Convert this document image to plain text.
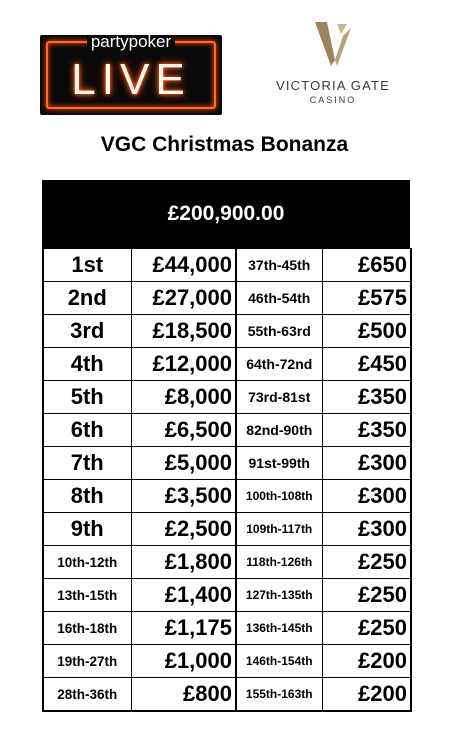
partypoker
LIVE	VICTORIA GATE
CASINO
VGC Christmas Bonanza
£200,900.00
1st	£44,000	37th-45th	£650
2nd	£27,000	46th-54th	£575
3rd	£18,500	55th-63rd	£500
4th	£12,000	64th-72nd	£450
5th	£8,000	73rd-81st	£350
6th	£6,500	82nd-90th	£350
7th	£5,000	91st-99th	£300
8th	£3,500	100th-108th	£300
9th	£2,500	109th-117th	£300
10th-12th	£1,800	118th-126th	£250
13th-15th	£1,400	127th-135th	£250
16th-18th	£1,175	136th-145th	£250
19th-27th	£1,000	146th-154th	£200
28th-36th	£800	155th-163th	£200
